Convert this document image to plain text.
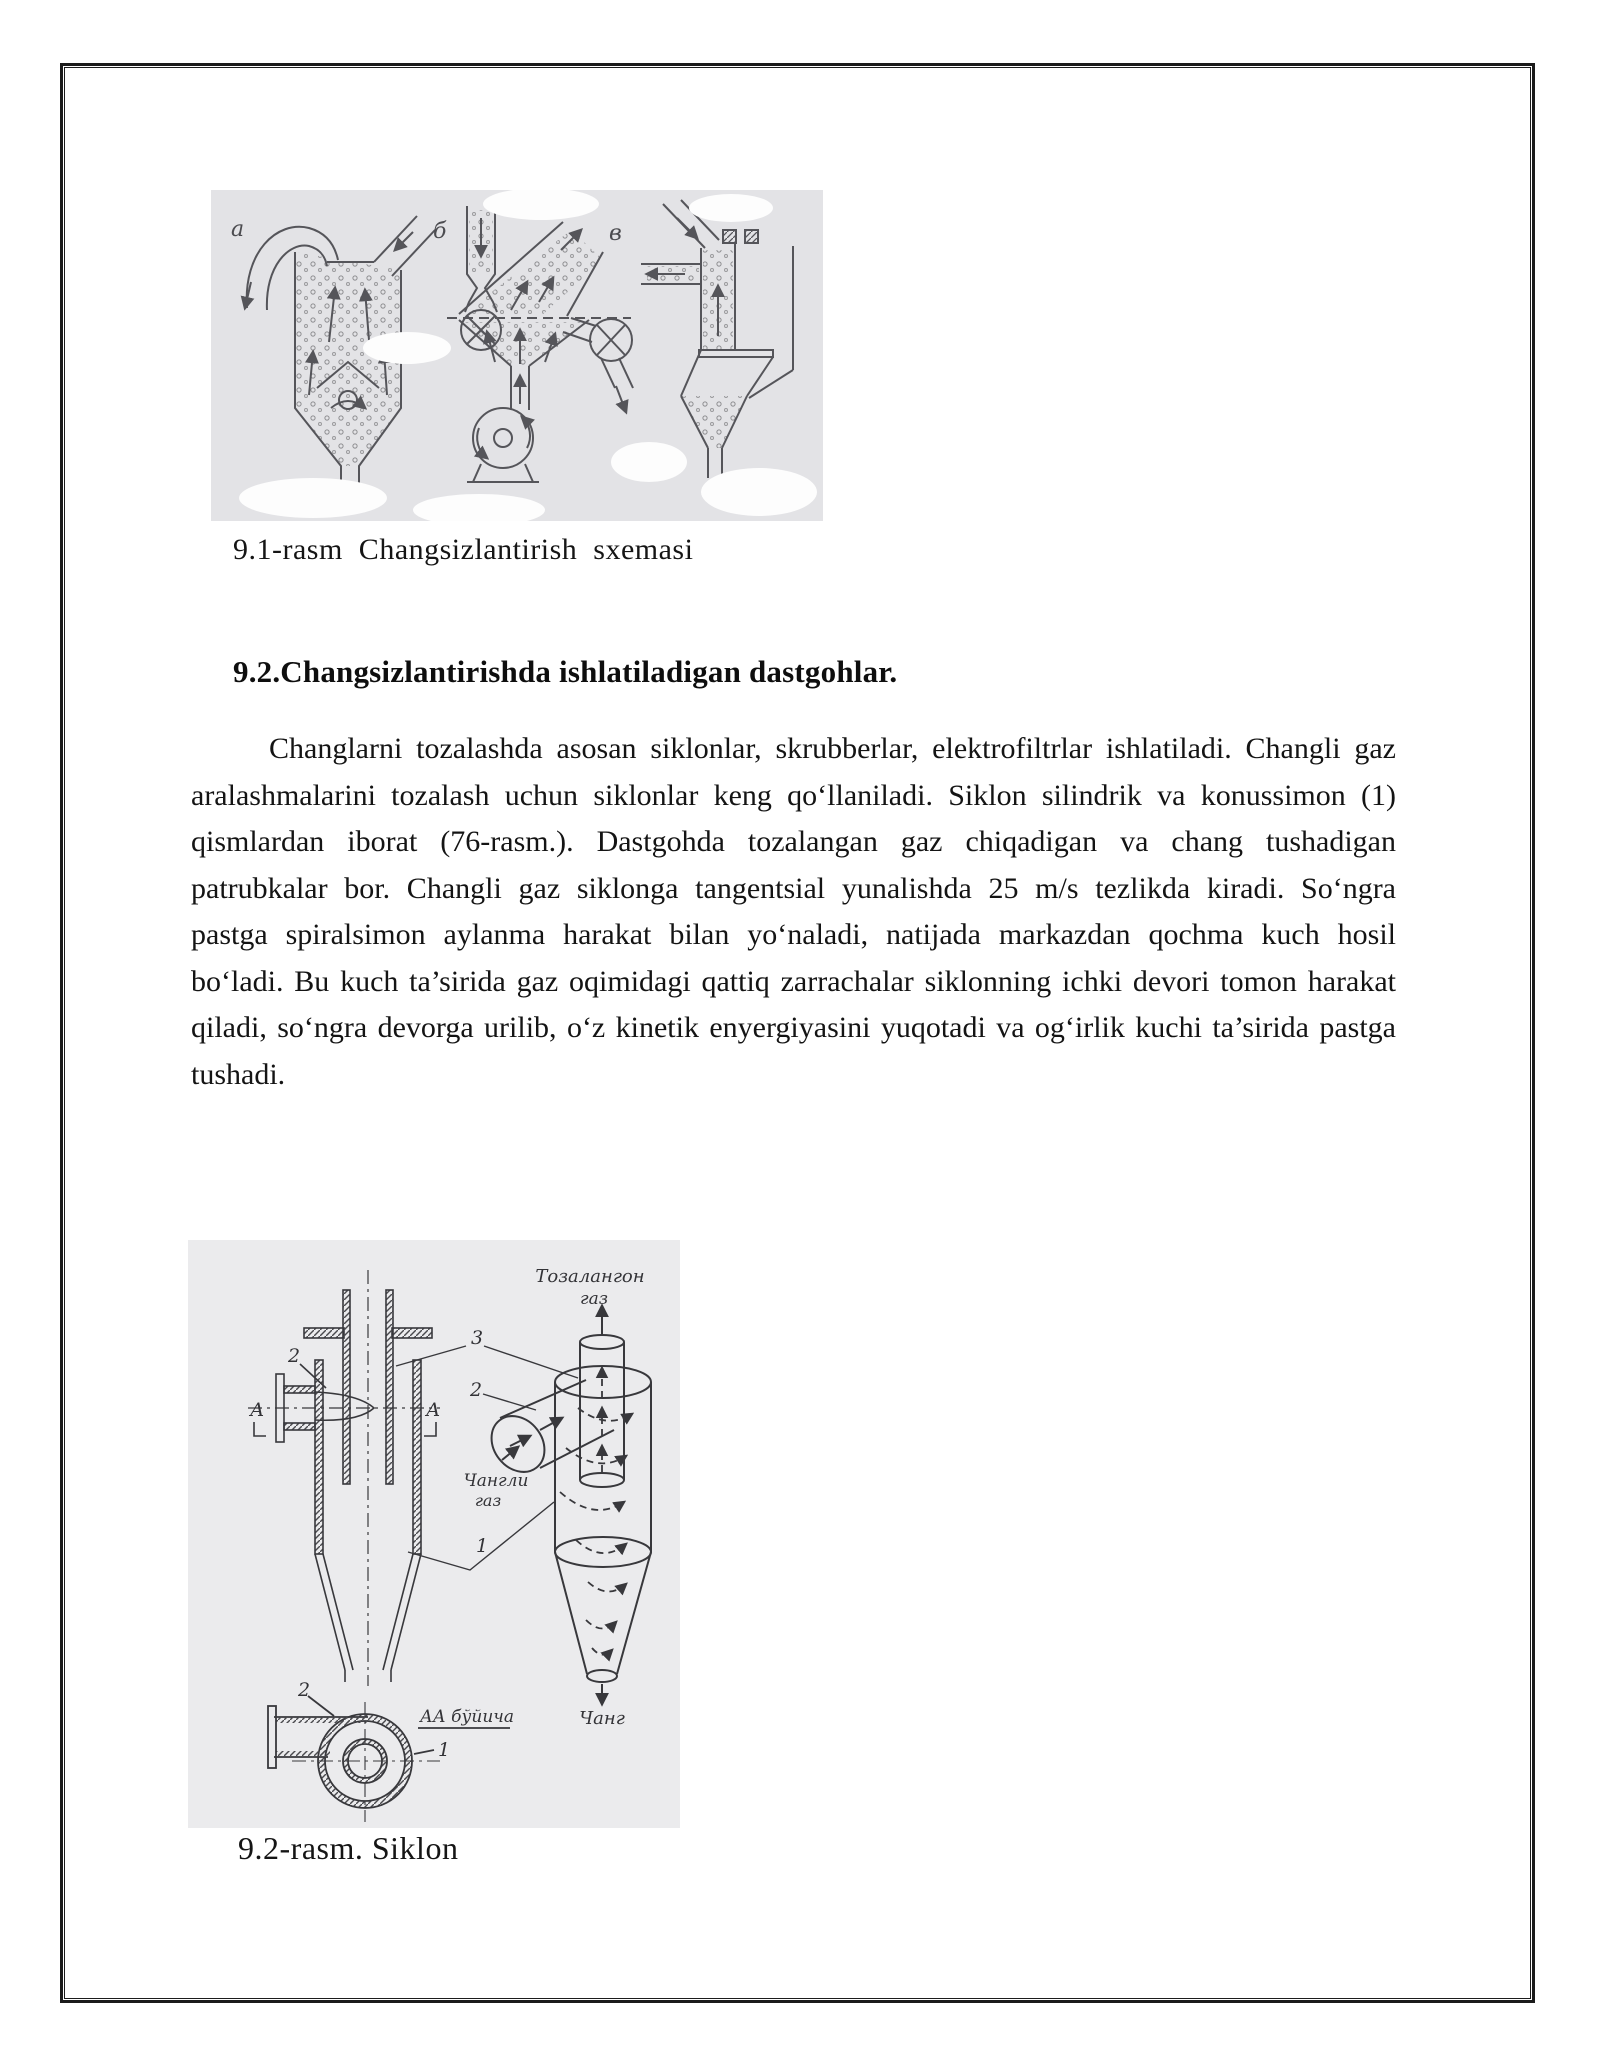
а	б	в

9.1-rasm  Changsizlantirish  sxemasi

9.2.Changsizlantirishda ishlatiladigan dastgohlar.

Changlarni tozalashda asosan siklonlar, skrubberlar, elektrofiltrlar ishlatiladi. Changli gaz aralashmalarini tozalash uchun siklonlar keng qo‘llaniladi. Siklon silindrik va konussimon (1) qismlardan iborat (76-rasm.). Dastgohda tozalangan gaz chiqadigan va chang tushadigan patrubkalar bor. Changli gaz siklonga tangentsial yunalishda 25 m/s tezlikda kiradi. So‘ngra pastga spiralsimon aylanma harakat bilan yo‘naladi, natijada markazdan qochma kuch hosil bo‘ladi. Bu kuch ta’sirida gaz oqimidagi qattiq zarrachalar siklonning ichki devori tomon harakat qiladi, so‘ngra devorga urilib, o‘z kinetik enyergiyasini yuqotadi va og‘irlik kuchi ta’sirida pastga tushadi.

Тозалангон
газ
Чангли
газ
Чанг
АА бўйича
А	А
2
3
2
1
2
1

9.2-rasm. Siklon
